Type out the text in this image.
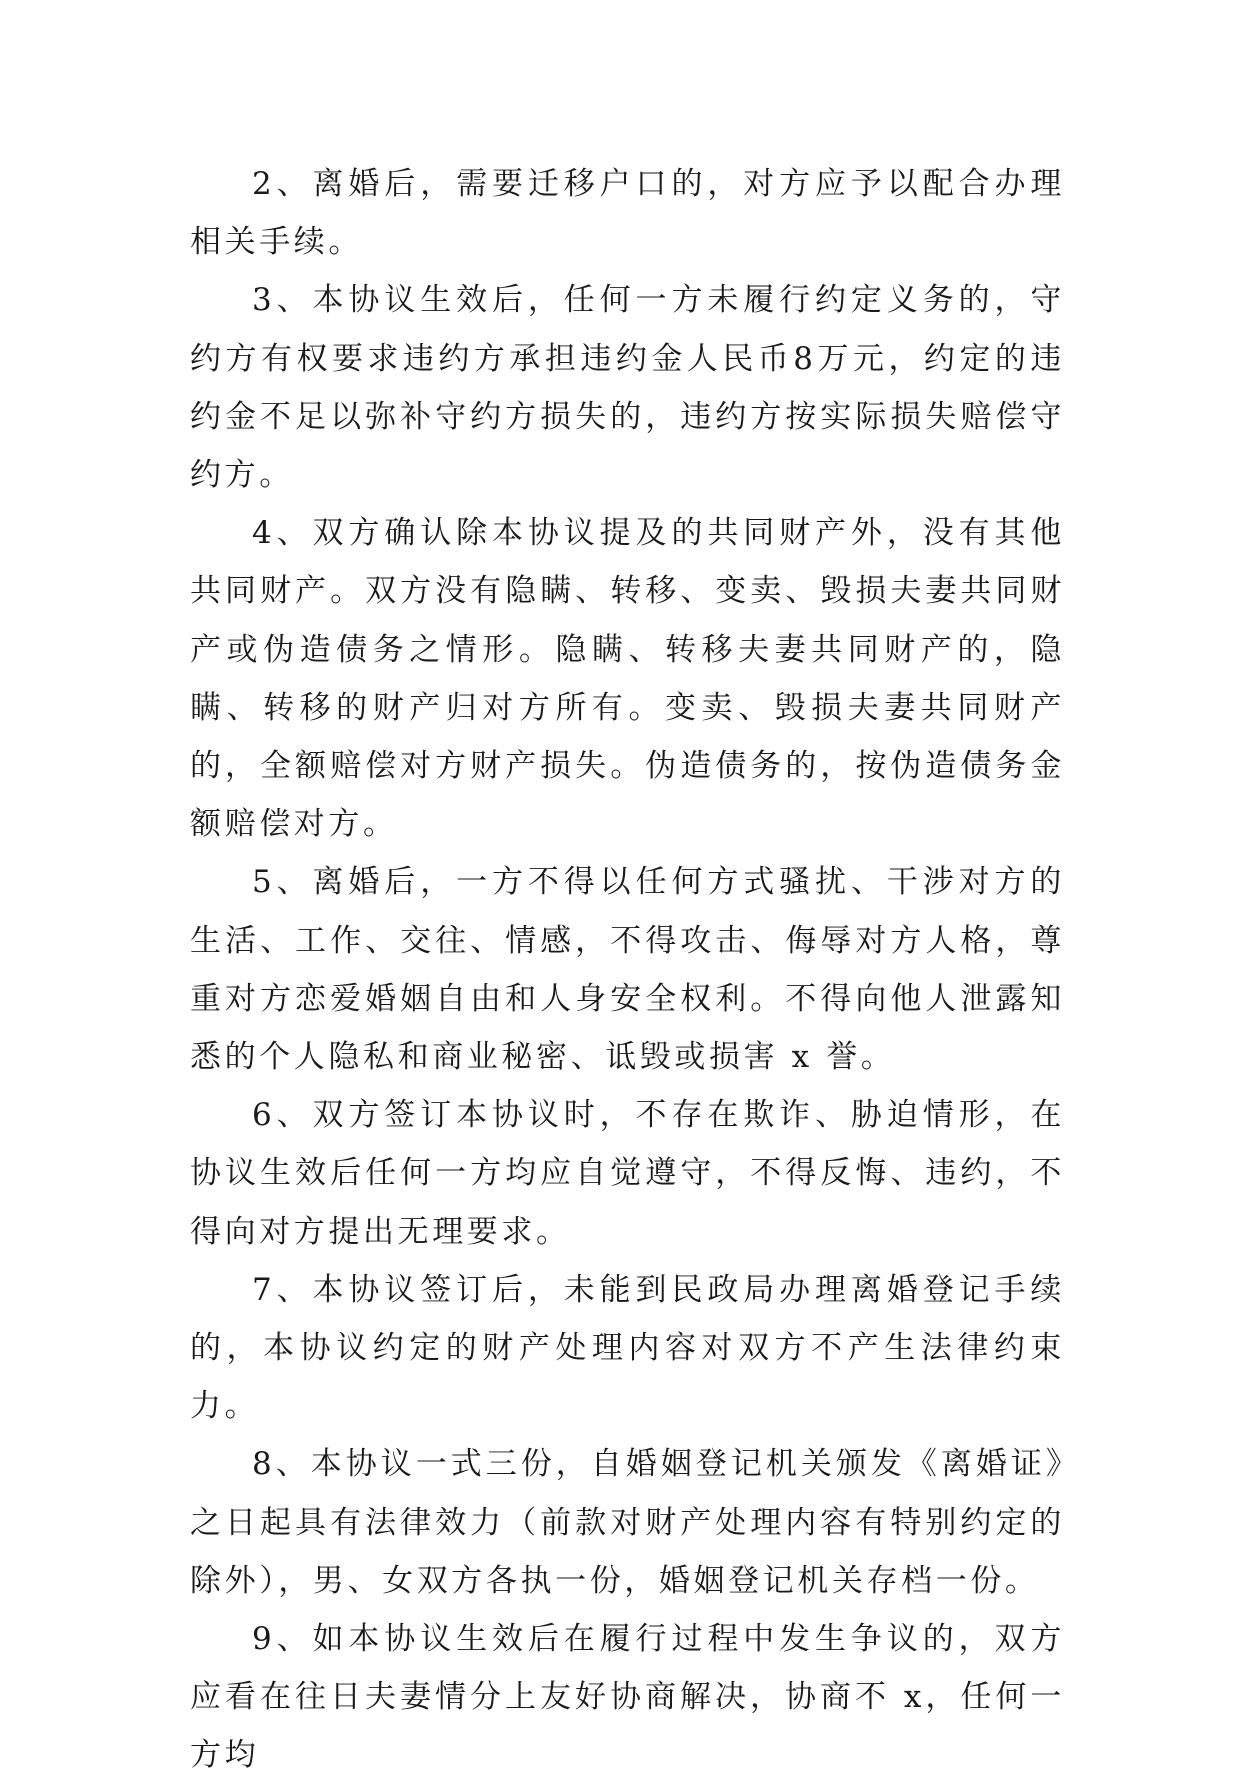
2、离婚后，需要迁移户口的，对方应予以配合办理相关手续。

3、本协议生效后，任何一方未履行约定义务的，守约方有权要求违约方承担违约金人民币8万元，约定的违约金不足以弥补守约方损失的，违约方按实际损失赔偿守约方。

4、双方确认除本协议提及的共同财产外，没有其他共同财产。双方没有隐瞒、转移、变卖、毁损夫妻共同财产或伪造债务之情形。隐瞒、转移夫妻共同财产的，隐瞒、转移的财产归对方所有。变卖、毁损夫妻共同财产的，全额赔偿对方财产损失。伪造债务的，按伪造债务金额赔偿对方。

5、离婚后，一方不得以任何方式骚扰、干涉对方的生活、工作、交往、情感，不得攻击、侮辱对方人格，尊重对方恋爱婚姻自由和人身安全权利。不得向他人泄露知悉的个人隐私和商业秘密、诋毁或损害 x 誉。

6、双方签订本协议时，不存在欺诈、胁迫情形，在协议生效后任何一方均应自觉遵守，不得反悔、违约，不得向对方提出无理要求。

7、本协议签订后，未能到民政局办理离婚登记手续的，本协议约定的财产处理内容对双方不产生法律约束力。

8、本协议一式三份，自婚姻登记机关颁发《离婚证》之日起具有法律效力（前款对财产处理内容有特别约定的除外），男、女双方各执一份，婚姻登记机关存档一份。

9、如本协议生效后在履行过程中发生争议的，双方应看在往日夫妻情分上友好协商解决，协商不 x，任何一方均
